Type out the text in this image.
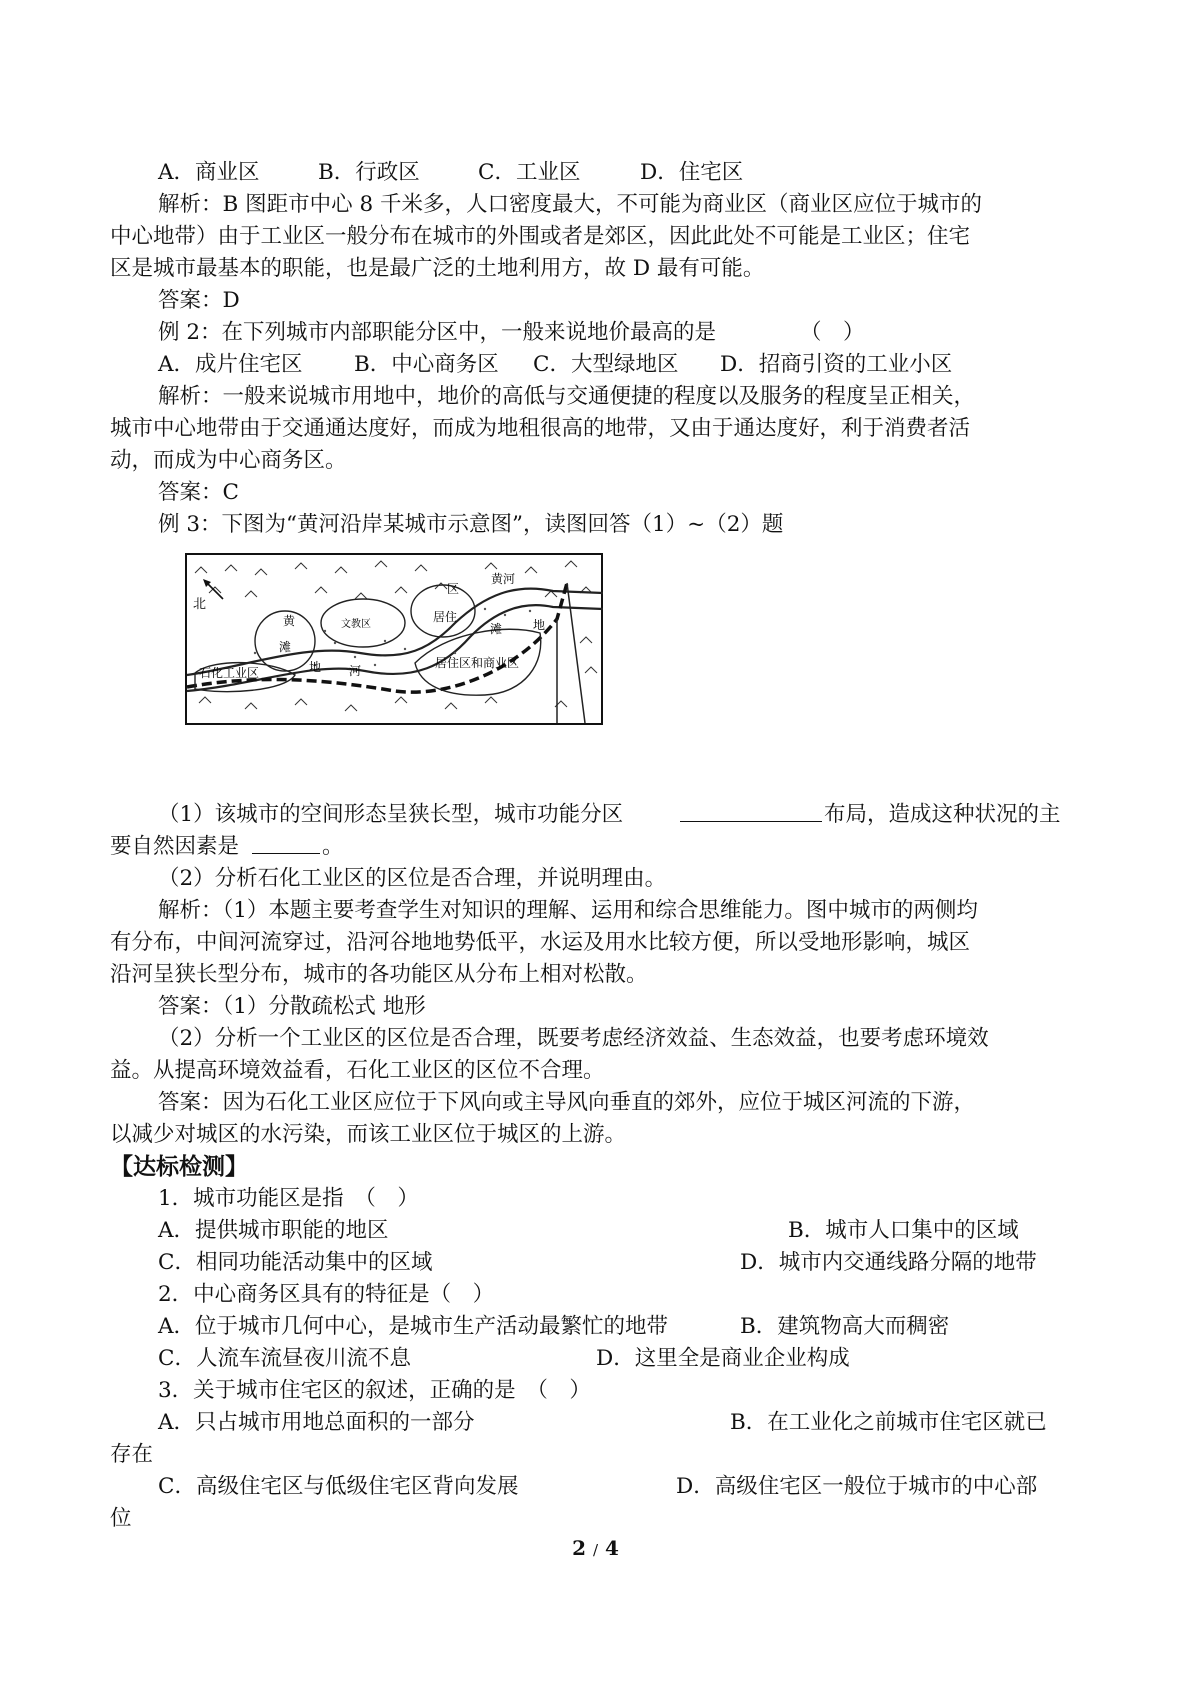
A．商业区	B．行政区	C．工业区	D．住宅区
解析：B 图距市中心 8 千米多，人口密度最大，不可能为商业区（商业区应位于城市的
中心地带）由于工业区一般分布在城市的外围或者是郊区，因此此处不可能是工业区；住宅
区是城市最基本的职能，也是最广泛的土地利用方，故 D 最有可能。
答案：D
例 2：在下列城市内部职能分区中，一般来说地价最高的是	（　）
A．成片住宅区 B．中心商务区 C．大型绿地区 D．招商引资的工业小区
解析：一般来说城市用地中，地价的高低与交通便捷的程度以及服务的程度呈正相关，
城市中心地带由于交通通达度好，而成为地租很高的地带，又由于通达度好，利于消费者活
动，而成为中心商务区。
答案：C
例 3：下图为“黄河沿岸某城市示意图”，读图回答（1）~（2）题
北
黄河
区
居住
滩	地
文教区
黄
滩
地 河
石化工业区
居住区和商业区
（1）该城市的空间形态呈狭长型，城市功能分区	布局，造成这种状况的主
要自然因素是	。
（2）分析石化工业区的区位是否合理，并说明理由。
解析：（1）本题主要考查学生对知识的理解、运用和综合思维能力。图中城市的两侧均
有分布，中间河流穿过，沿河谷地地势低平，水运及用水比较方便，所以受地形影响，城区
沿河呈狭长型分布，城市的各功能区从分布上相对松散。
答案：（1）分散疏松式 地形
（2）分析一个工业区的区位是否合理，既要考虑经济效益、生态效益，也要考虑环境效
益。从提高环境效益看，石化工业区的区位不合理。
答案：因为石化工业区应位于下风向或主导风向垂直的郊外，应位于城区河流的下游，
以减少对城区的水污染，而该工业区位于城区的上游。
【达标检测】
1．城市功能区是指　（　）
A．提供城市职能的地区	B．城市人口集中的区域
C．相同功能活动集中的区域	D．城市内交通线路分隔的地带
2．中心商务区具有的特征是（　）
A．位于城市几何中心，是城市生产活动最繁忙的地带	B．建筑物高大而稠密
C．人流车流昼夜川流不息	D．这里全是商业企业构成
3．关于城市住宅区的叙述，正确的是　（　）
A．只占城市用地总面积的一部分	B．在工业化之前城市住宅区就已
存在
C．高级住宅区与低级住宅区背向发展	D．高级住宅区一般位于城市的中心部
位
2 / 4
